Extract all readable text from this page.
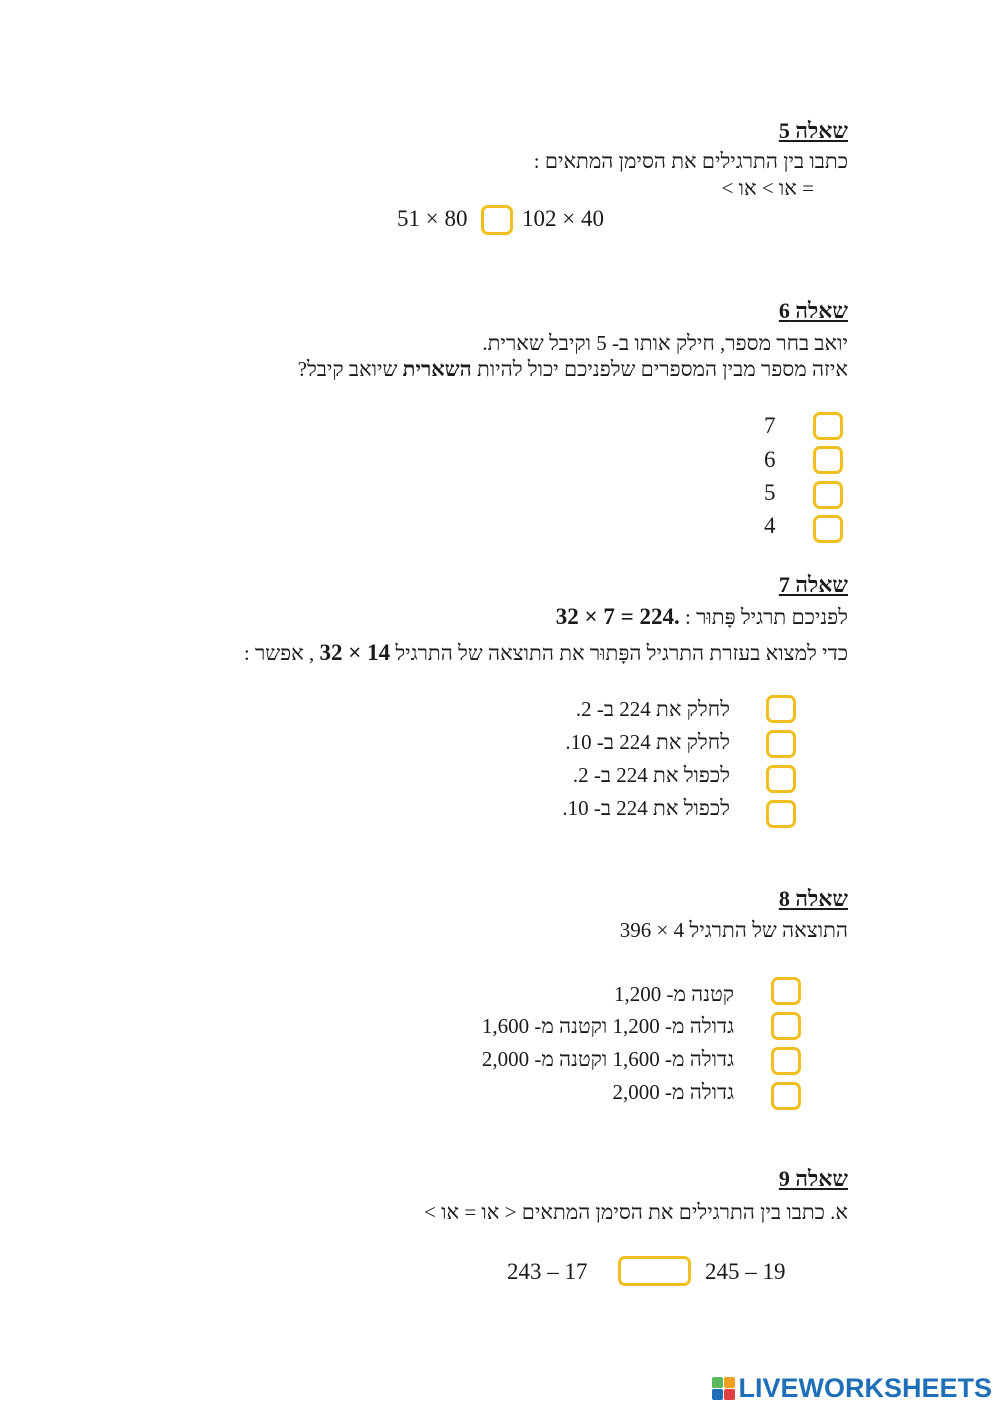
שאלה 5
כתבו בין התרגילים את הסימן המתאים :
< או > או =
51 × 80 102 × 40
שאלה 6
יואב בחר מספר, חילק אותו ב- 5 וקיבל שארית.
איזה מספר מבין המספרים שלפניכם יכול להיות השארית שיואב קיבל?
7
6
5
4
שאלה 7
לפניכם תרגיל פָּתוּר : 32 × 7 = 224.
כדי למצוא בעזרת התרגיל הפָּתוּר את התוצאה של התרגיל 32 × 14 , אפשר :
לחלק את 224 ב- 2.
לחלק את 224 ב- 10.
לכפול את 224 ב- 2.
לכפול את 224 ב- 10.
שאלה 8
התוצאה של התרגיל 4 × 396
קטנה מ- 1,200
גדולה מ- 1,200 וקטנה מ- 1,600
גדולה מ- 1,600 וקטנה מ- 2,000
גדולה מ- 2,000
שאלה 9
א. כתבו בין התרגילים את הסימן המתאים < או = או >
243 – 17	245 – 19
LIVEWORKSHEETS
